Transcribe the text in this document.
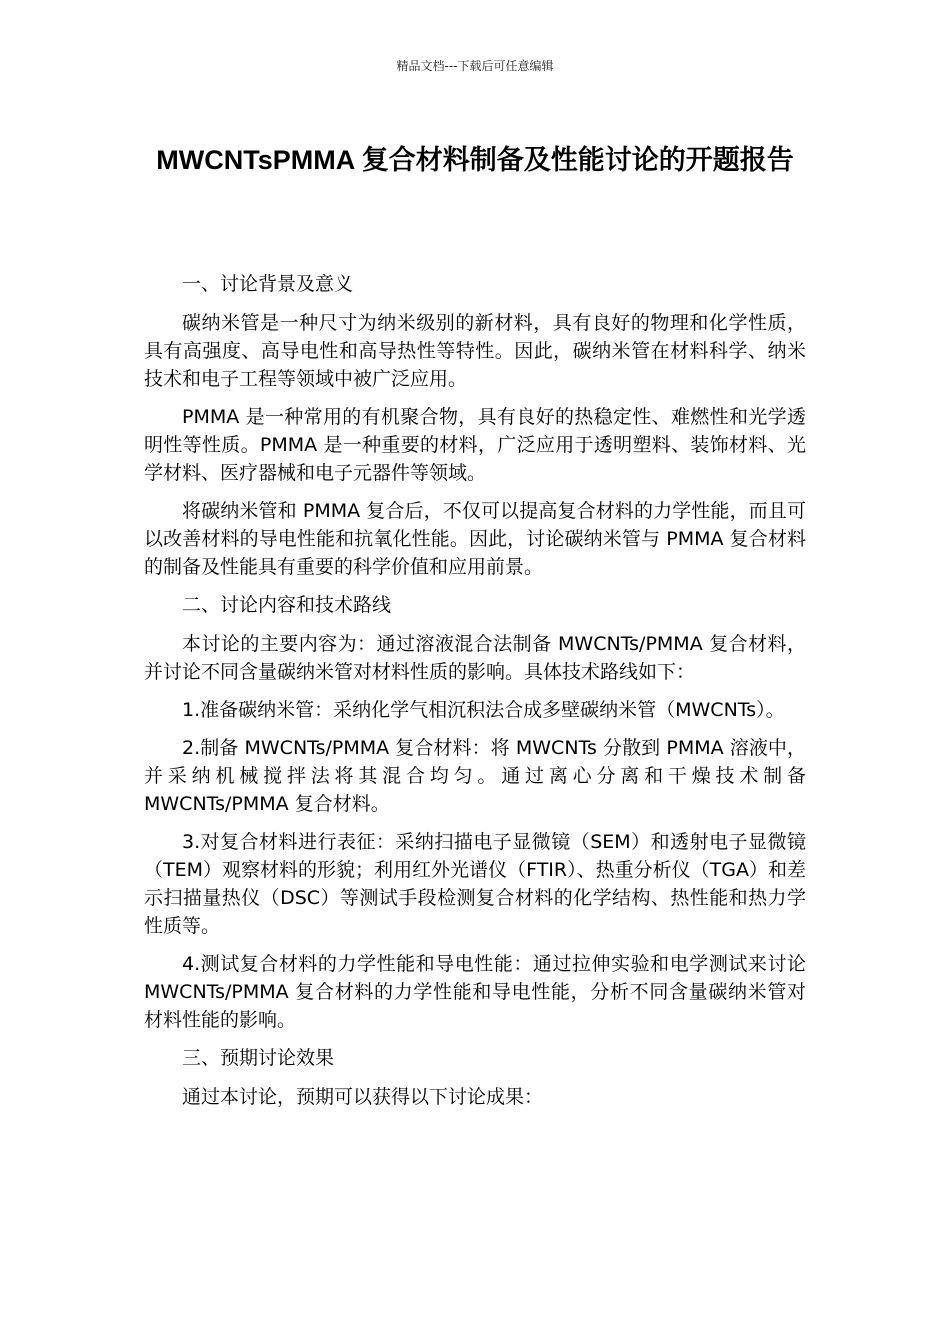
精品文档---下载后可任意编辑
MWCNTsPMMA 复合材料制备及性能讨论的开题报告

一、讨论背景及意义

碳纳米管是一种尺寸为纳米级别的新材料，具有良好的物理和化学性质，具有高强度、高导电性和高导热性等特性。因此，碳纳米管在材料科学、纳米技术和电子工程等领域中被广泛应用。

PMMA 是一种常用的有机聚合物，具有良好的热稳定性、难燃性和光学透明性等性质。PMMA 是一种重要的材料，广泛应用于透明塑料、装饰材料、光学材料、医疗器械和电子元器件等领域。

将碳纳米管和 PMMA 复合后，不仅可以提高复合材料的力学性能，而且可以改善材料的导电性能和抗氧化性能。因此，讨论碳纳米管与 PMMA 复合材料的制备及性能具有重要的科学价值和应用前景。

二、讨论内容和技术路线

本讨论的主要内容为：通过溶液混合法制备 MWCNTs/PMMA 复合材料，并讨论不同含量碳纳米管对材料性质的影响。具体技术路线如下：

1.准备碳纳米管：采纳化学气相沉积法合成多壁碳纳米管（MWCNTs）。

2.制备 MWCNTs/PMMA 复合材料：将 MWCNTs 分散到 PMMA 溶液中，并采纳机械搅拌法将其混合均匀。通过离心分离和干燥技术制备 MWCNTs/PMMA 复合材料。

3.对复合材料进行表征：采纳扫描电子显微镜（SEM）和透射电子显微镜（TEM）观察材料的形貌；利用红外光谱仪（FTIR）、热重分析仪（TGA）和差示扫描量热仪（DSC）等测试手段检测复合材料的化学结构、热性能和热力学性质等。

4.测试复合材料的力学性能和导电性能：通过拉伸实验和电学测试来讨论 MWCNTs/PMMA 复合材料的力学性能和导电性能，分析不同含量碳纳米管对材料性能的影响。

三、预期讨论效果

通过本讨论，预期可以获得以下讨论成果：
